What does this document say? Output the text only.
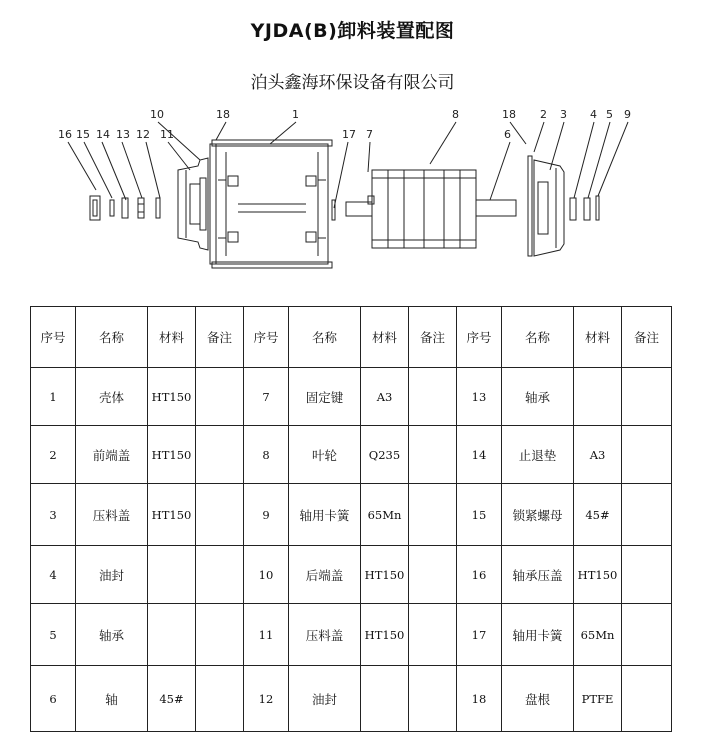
YJDA(B)卸料装置配图
泊头鑫海环保设备有限公司
16 15 14 13 12 11
10	18	1
17 7
8	18
6
2 3 4 5 9
序号	名称	材料	备注	序号	名称	材料	备注	序号	名称	材料	备注
1	壳体	HT150		7	固定键	A3		13	轴承		
2	前端盖	HT150		8	叶轮	Q235		14	止退垫	A3	
3	压料盖	HT150		9	轴用卡簧	65Mn		15	锁紧螺母	45#	
4	油封			10	后端盖	HT150		16	轴承压盖	HT150	
5	轴承			11	压料盖	HT150		17	轴用卡簧	65Mn	
6	轴	45#		12	油封			18	盘根	PTFE	
